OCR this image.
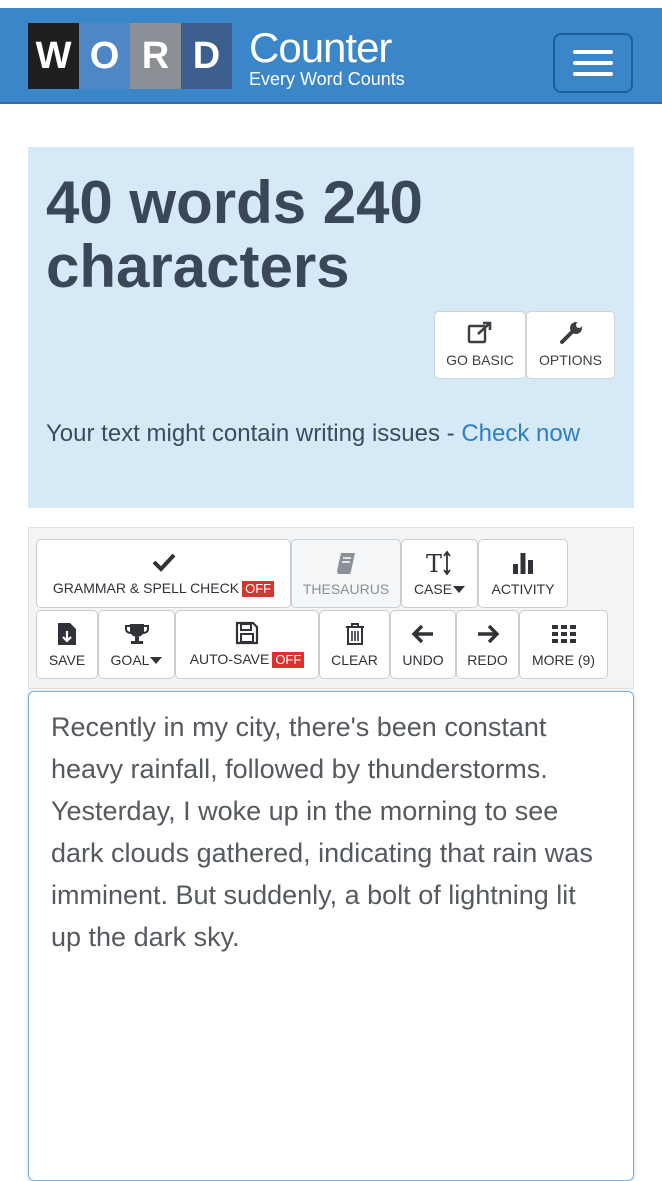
W O R D Counter
Every Word Counts
40 words 240 characters
GO BASIC OPTIONS
Your text might contain writing issues - Check now
GRAMMAR & SPELL CHECK OFF THESAURUS
T
CASE	ACTIVITY
SAVE GOAL	AUTO-SAVE OFF CLEAR UNDO REDO MORE (9)
Recently in my city, there's been constant heavy rainfall, followed by thunderstorms. Yesterday, I woke up in the morning to see dark clouds gathered, indicating that rain was imminent. But suddenly, a bolt of lightning lit up the dark sky.
